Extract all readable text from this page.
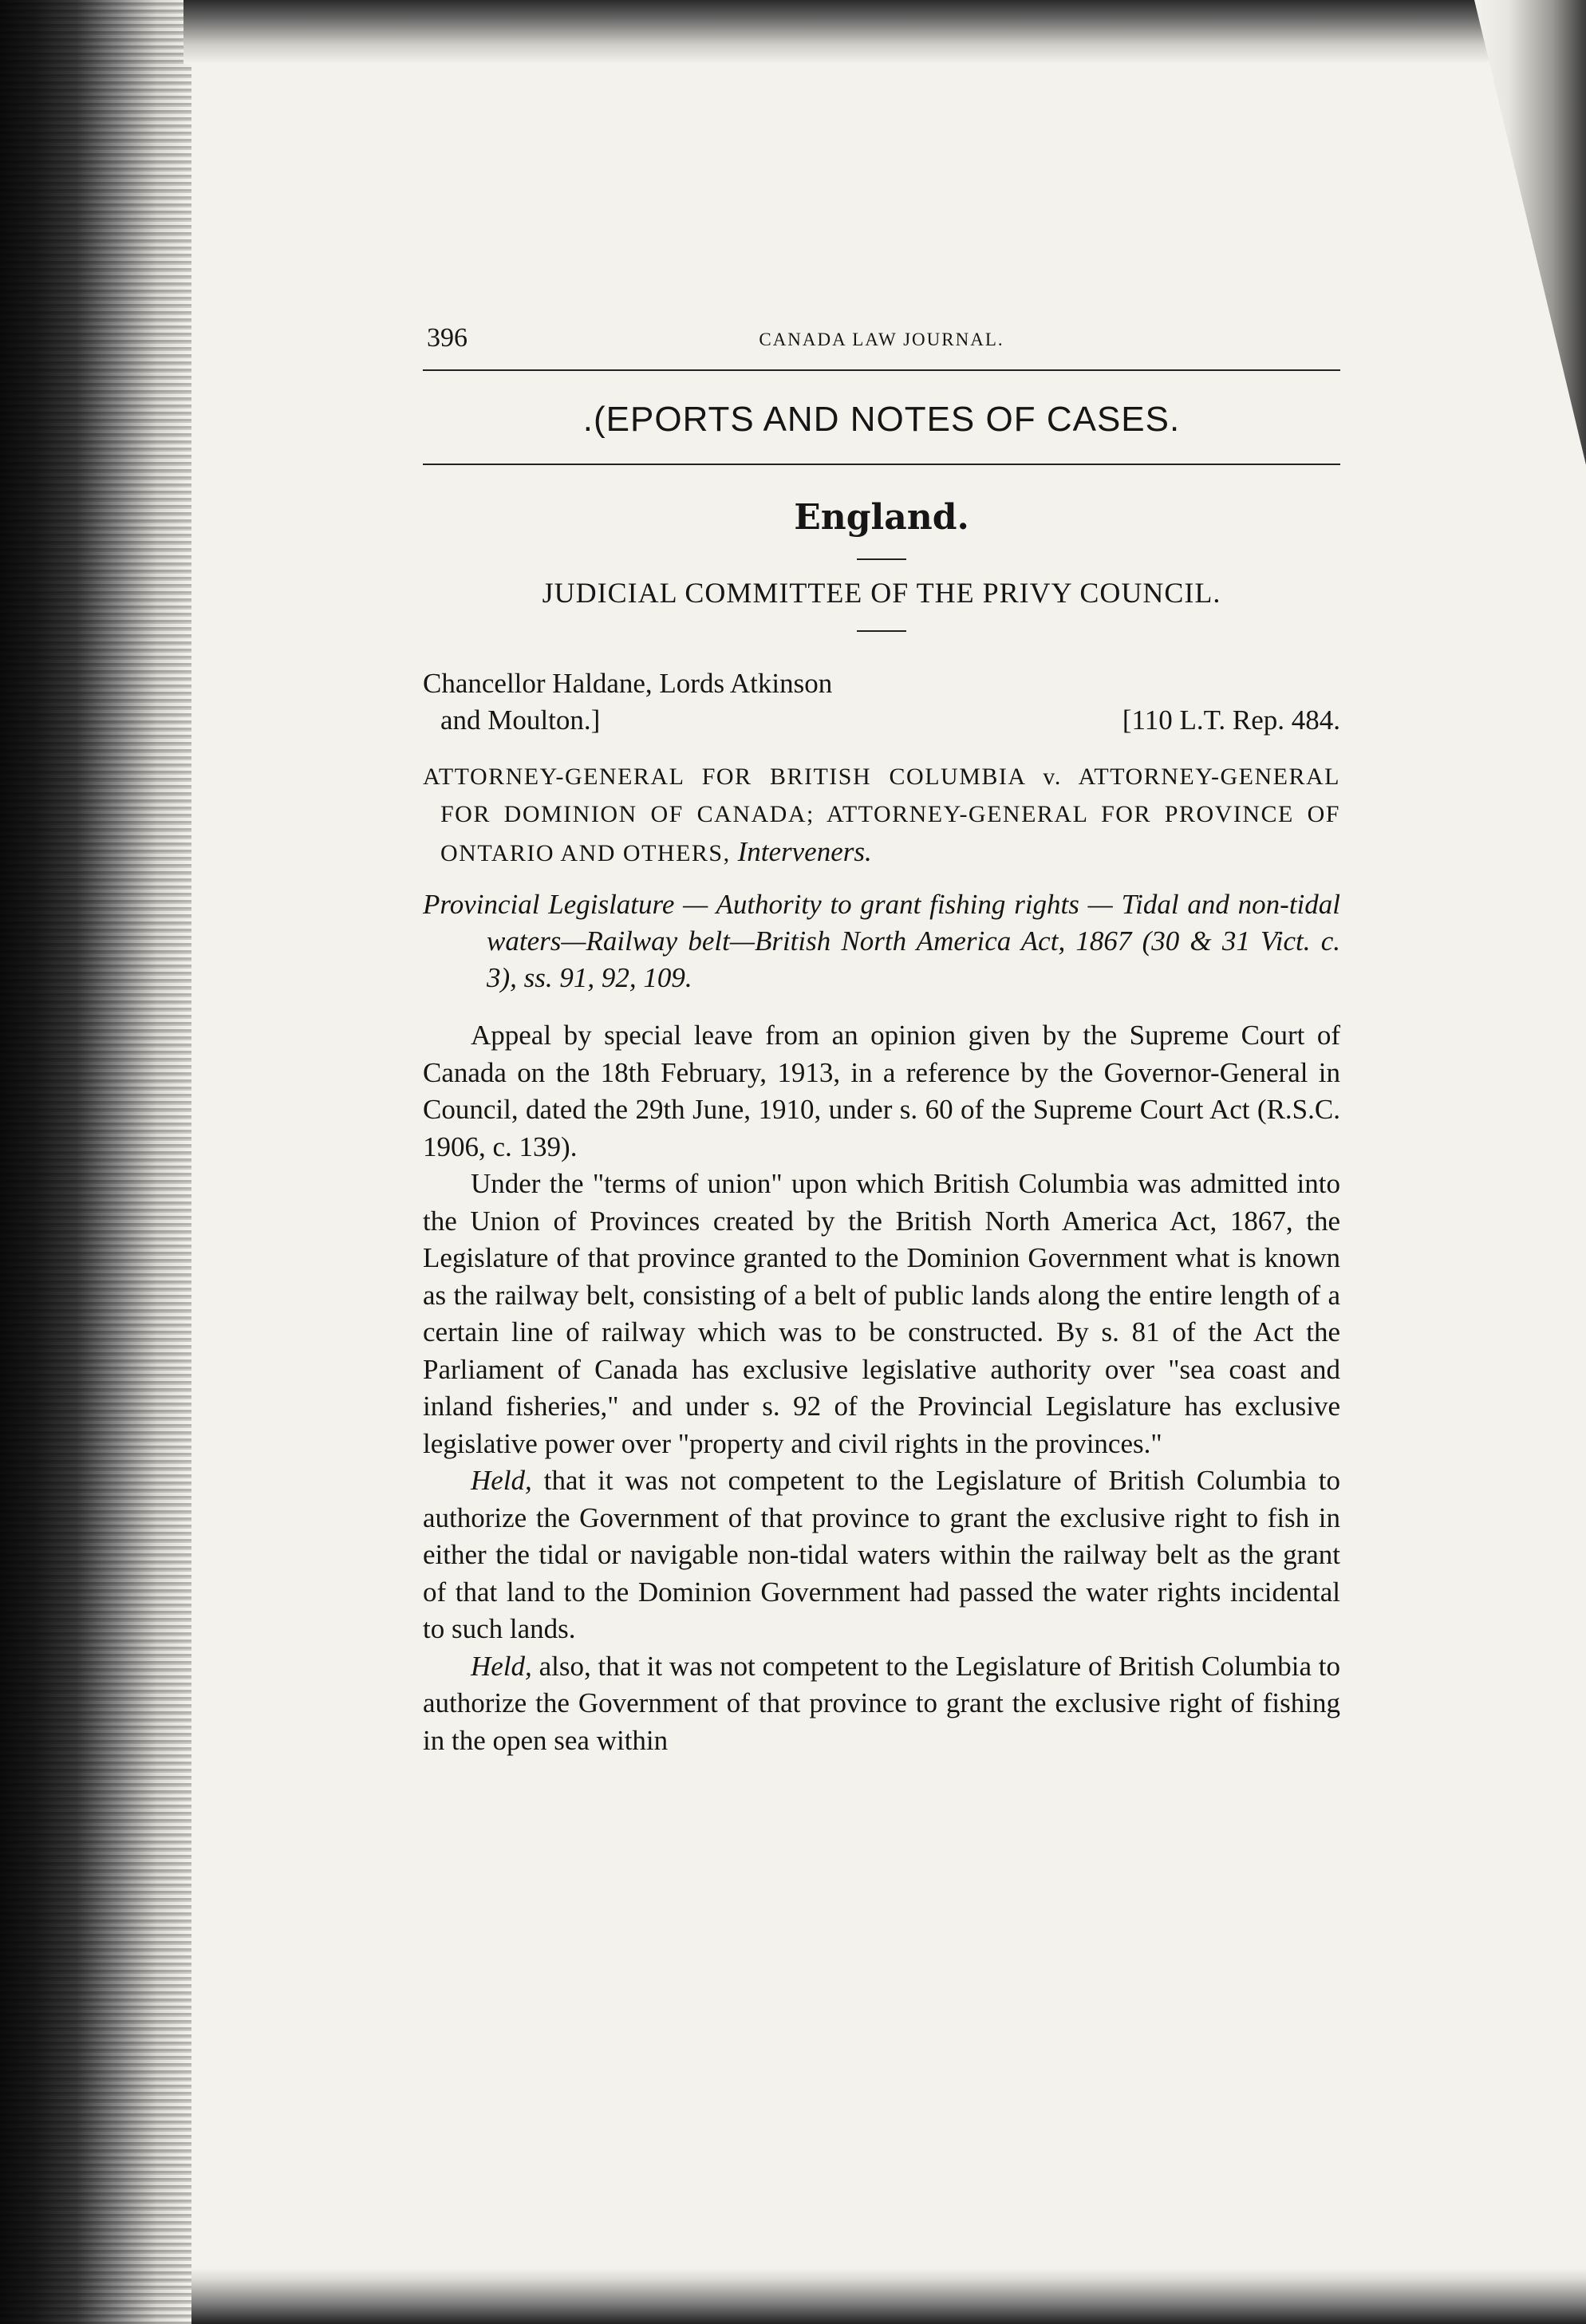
396	CANADA LAW JOURNAL.
.(EPORTS AND NOTES OF CASES.
England.
JUDICIAL COMMITTEE OF THE PRIVY COUNCIL.
Chancellor Haldane, Lords Atkinson
and Moulton.]	[110 L.T. Rep. 484.
ATTORNEY-GENERAL FOR BRITISH COLUMBIA v. ATTORNEY-GENERAL FOR DOMINION OF CANADA; ATTORNEY-GENERAL FOR PROVINCE OF ONTARIO AND OTHERS, Interveners.
Provincial Legislature — Authority to grant fishing rights — Tidal and non-tidal waters—Railway belt—British North America Act, 1867 (30 & 31 Vict. c. 3), ss. 91, 92, 109.

Appeal by special leave from an opinion given by the Supreme Court of Canada on the 18th February, 1913, in a reference by the Governor-General in Council, dated the 29th June, 1910, under s. 60 of the Supreme Court Act (R.S.C. 1906, c. 139).

Under the "terms of union" upon which British Columbia was admitted into the Union of Provinces created by the British North America Act, 1867, the Legislature of that province granted to the Dominion Government what is known as the railway belt, consisting of a belt of public lands along the entire length of a certain line of railway which was to be constructed. By s. 81 of the Act the Parliament of Canada has exclusive legislative authority over "sea coast and inland fisheries," and under s. 92 of the Provincial Legislature has exclusive legislative power over "property and civil rights in the provinces."

Held, that it was not competent to the Legislature of British Columbia to authorize the Government of that province to grant the exclusive right to fish in either the tidal or navigable non-tidal waters within the railway belt as the grant of that land to the Dominion Government had passed the water rights incidental to such lands.

Held, also, that it was not competent to the Legislature of British Columbia to authorize the Government of that province to grant the exclusive right of fishing in the open sea within
